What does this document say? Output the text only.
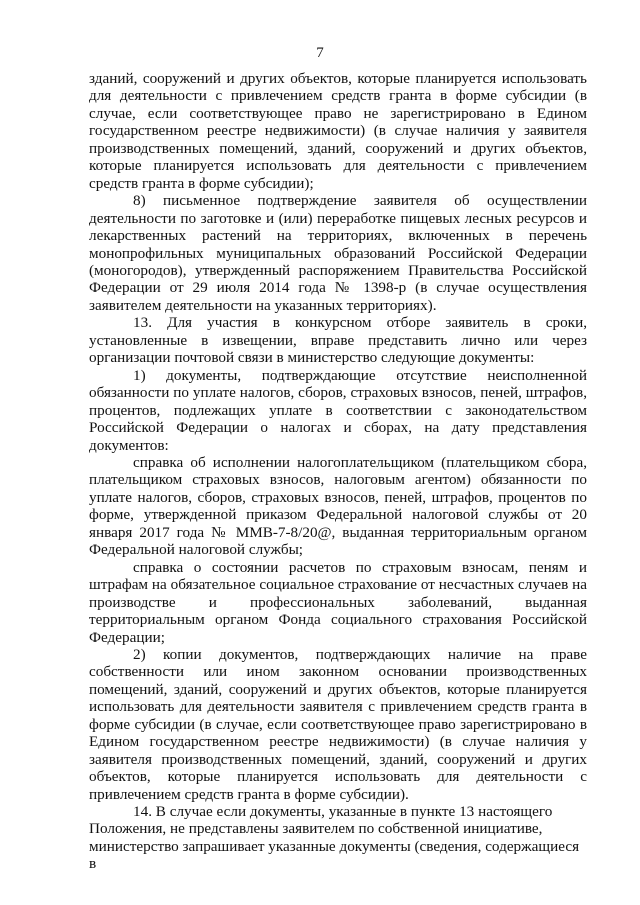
7

зданий, сооружений и других объектов, которые планируется использовать для деятельности с привлечением средств гранта в форме субсидии (в случае, если соответствующее право не зарегистрировано в Едином государственном реестре недвижимости) (в случае наличия у заявителя производственных помещений, зданий, сооружений и других объектов, которые планируется использовать для деятельности с привлечением средств гранта в форме субсидии);

8) письменное подтверждение заявителя об осуществлении деятельности по заготовке и (или) переработке пищевых лесных ресурсов и лекарственных растений на территориях, включенных в перечень монопрофильных муниципальных образований Российской Федерации (моногородов), утвержденный распоряжением Правительства Российской Федерации от 29 июля 2014 года № 1398-р (в случае осуществления заявителем деятельности на указанных территориях).

13. Для участия в конкурсном отборе заявитель в сроки, установленные в извещении, вправе представить лично или через организации почтовой связи в министерство следующие документы:

1) документы, подтверждающие отсутствие неисполненной обязанности по уплате налогов, сборов, страховых взносов, пеней, штрафов, процентов, подлежащих уплате в соответствии с законодательством Российской Федерации о налогах и сборах, на дату представления документов:

справка об исполнении налогоплательщиком (плательщиком сбора, плательщиком страховых взносов, налоговым агентом) обязанности по уплате налогов, сборов, страховых взносов, пеней, штрафов, процентов по форме, утвержденной приказом Федеральной налоговой службы от 20 января 2017 года № ММВ-7-8/20@, выданная территориальным органом Федеральной налоговой службы;

справка о состоянии расчетов по страховым взносам, пеням и штрафам на обязательное социальное страхование от несчастных случаев на производстве и профессиональных заболеваний, выданная территориальным органом Фонда социального страхования Российской Федерации;

2) копии документов, подтверждающих наличие на праве собственности или ином законном основании производственных помещений, зданий, сооружений и других объектов, которые планируется использовать для деятельности заявителя с привлечением средств гранта в форме субсидии (в случае, если соответствующее право зарегистрировано в Едином государственном реестре недвижимости) (в случае наличия у заявителя производственных помещений, зданий, сооружений и других объектов, которые планируется использовать для деятельности с привлечением средств гранта в форме субсидии).

14. В случае если документы, указанные в пункте 13 настоящего Положения, не представлены заявителем по собственной инициативе, министерство запрашивает указанные документы (сведения, содержащиеся в
